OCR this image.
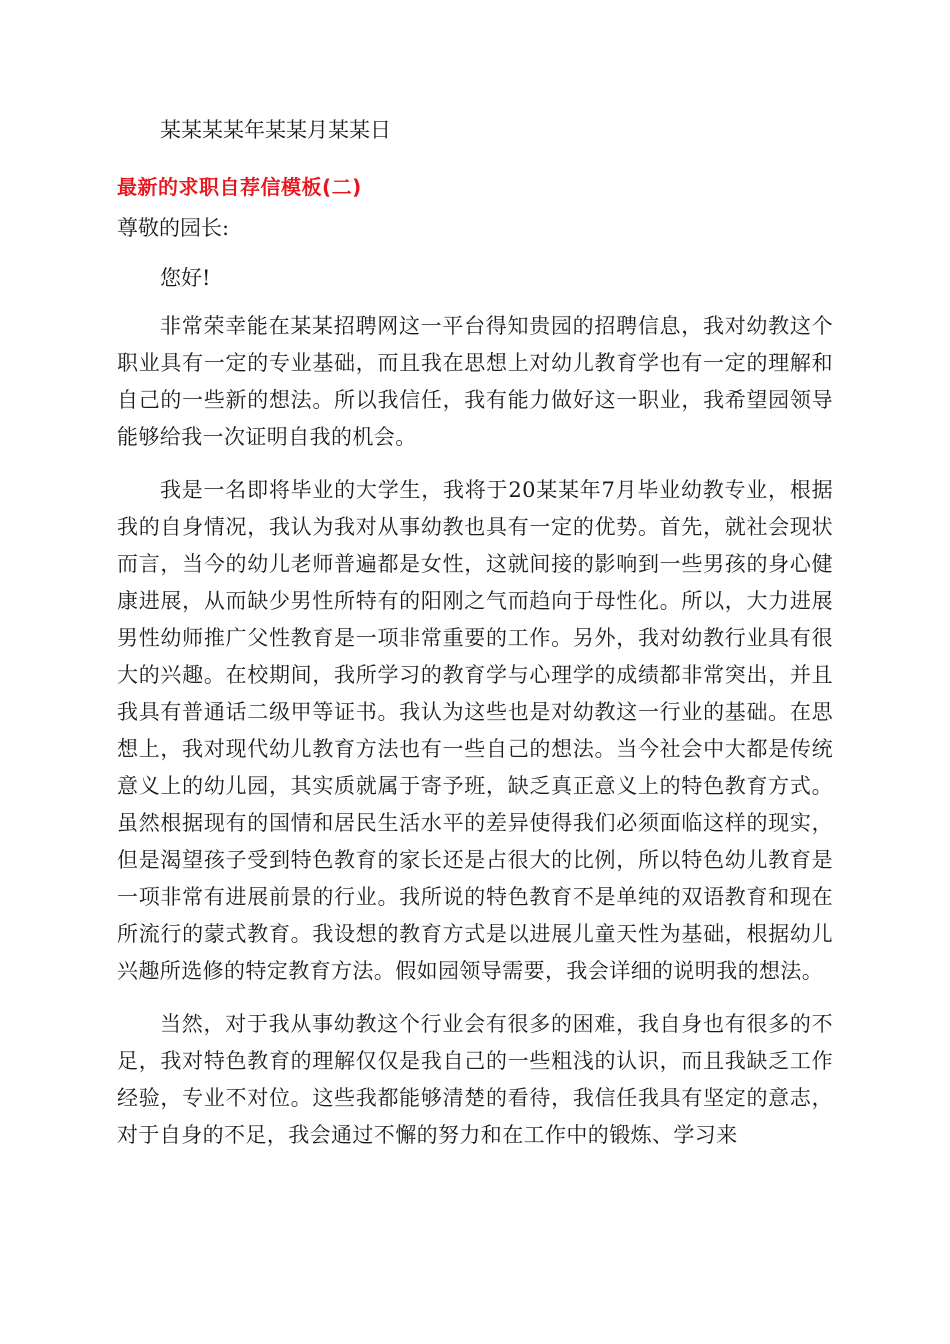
某某某某年某某月某某日

最新的求职自荐信模板(二)

尊敬的园长:

您好!

非常荣幸能在某某招聘网这一平台得知贵园的招聘信息，我对幼教这个职业具有一定的专业基础，而且我在思想上对幼儿教育学也有一定的理解和自己的一些新的想法。所以我信任，我有能力做好这一职业，我希望园领导能够给我一次证明自我的机会。

我是一名即将毕业的大学生，我将于20某某年7月毕业幼教专业，根据我的自身情况，我认为我对从事幼教也具有一定的优势。首先，就社会现状而言，当今的幼儿老师普遍都是女性，这就间接的影响到一些男孩的身心健康进展，从而缺少男性所特有的阳刚之气而趋向于母性化。所以，大力进展男性幼师推广父性教育是一项非常重要的工作。另外，我对幼教行业具有很大的兴趣。在校期间，我所学习的教育学与心理学的成绩都非常突出，并且我具有普通话二级甲等证书。我认为这些也是对幼教这一行业的基础。在思想上，我对现代幼儿教育方法也有一些自己的想法。当今社会中大都是传统意义上的幼儿园，其实质就属于寄予班，缺乏真正意义上的特色教育方式。虽然根据现有的国情和居民生活水平的差异使得我们必须面临这样的现实，但是渴望孩子受到特色教育的家长还是占很大的比例，所以特色幼儿教育是一项非常有进展前景的行业。我所说的特色教育不是单纯的双语教育和现在所流行的蒙式教育。我设想的教育方式是以进展儿童天性为基础，根据幼儿兴趣所选修的特定教育方法。假如园领导需要，我会详细的说明我的想法。

当然，对于我从事幼教这个行业会有很多的困难，我自身也有很多的不足，我对特色教育的理解仅仅是我自己的一些粗浅的认识，而且我缺乏工作经验，专业不对位。这些我都能够清楚的看待，我信任我具有坚定的意志，对于自身的不足，我会通过不懈的努力和在工作中的锻炼、学习来
